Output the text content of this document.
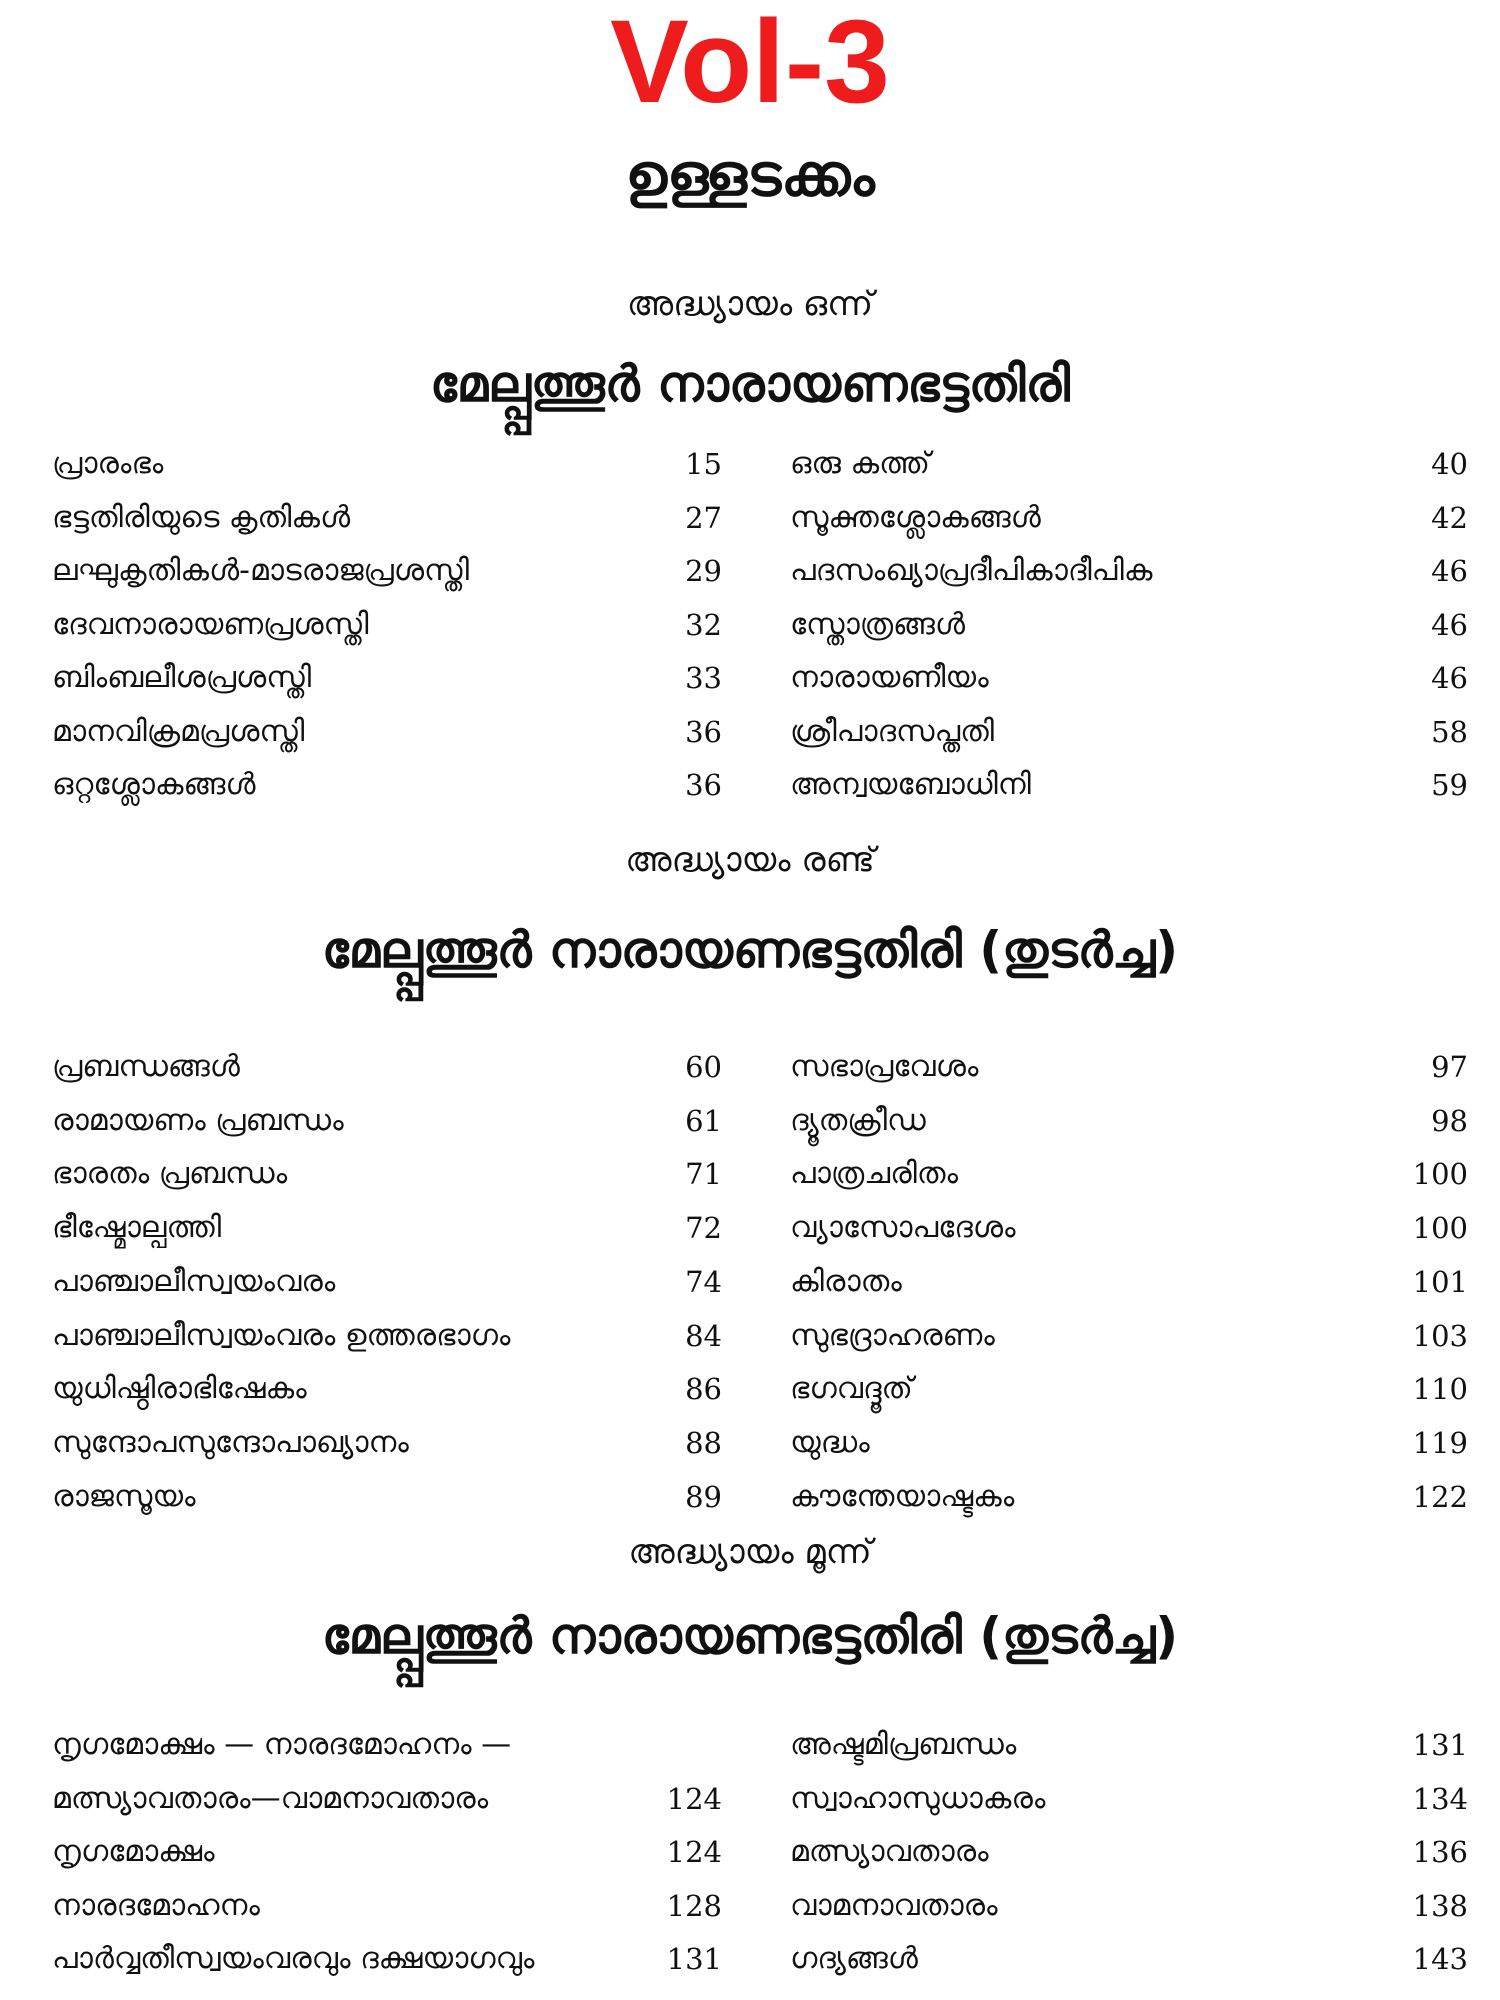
Vol-3
ഉള്ളടക്കം
അദ്ധ്യായം ഒന്ന്
മേല്പ്പത്തൂർ നാരായണഭട്ടതിരി
പ്രാരംഭം	15
ഭട്ടതിരിയുടെ കൃതികൾ	27
ലഘുകൃതികൾ-മാടരാജപ്രശസ്തി	29
ദേവനാരായണപ്രശസ്തി	32
ബിംബലീശപ്രശസ്തി	33
മാനവിക്രമപ്രശസ്തി	36
ഒറ്റശ്ലോകങ്ങൾ	36
ഒരു കത്ത്	40
സൂക്തശ്ലോകങ്ങൾ	42
പദസംഖ്യാപ്രദീപികാദീപിക	46
സ്തോത്രങ്ങൾ	46
നാരായണീയം	46
ശ്രീപാദസപ്തതി	58
അന്വയബോധിനി	59
അദ്ധ്യായം രണ്ട്
മേല്പ്പത്തൂർ നാരായണഭട്ടതിരി (തുടർച്ച)
പ്രബന്ധങ്ങൾ	60
രാമായണം പ്രബന്ധം	61
ഭാരതം പ്രബന്ധം	71
ഭീഷ്മോല്പത്തി	72
പാഞ്ചാലീസ്വയംവരം	74
പാഞ്ചാലീസ്വയംവരം ഉത്തരഭാഗം	84
യുധിഷ്ഠിരാഭിഷേകം	86
സുന്ദോപസുന്ദോപാഖ്യാനം	88
രാജസൂയം	89
സഭാപ്രവേശം	97
ദ്യൂതക്രീഡ	98
പാത്രചരിതം	100
വ്യാസോപദേശം	100
കിരാതം	101
സുഭദ്രാഹരണം	103
ഭഗവദ്ദൂത്	110
യുദ്ധം	119
കൗന്തേയാഷ്ടകം	122
അദ്ധ്യായം മൂന്ന്
മേല്പ്പത്തൂർ നാരായണഭട്ടതിരി (തുടർച്ച)
നൃഗമോക്ഷം — നാരദമോഹനം —
മത്സ്യാവതാരം—വാമനാവതാരം	124
നൃഗമോക്ഷം	124
നാരദമോഹനം	128
പാർവ്വതീസ്വയംവരവും ദക്ഷയാഗവും	131
അഷ്ടമിപ്രബന്ധം	131
സ്വാഹാസുധാകരം	134
മത്സ്യാവതാരം	136
വാമനാവതാരം	138
ഗദ്യങ്ങൾ	143
